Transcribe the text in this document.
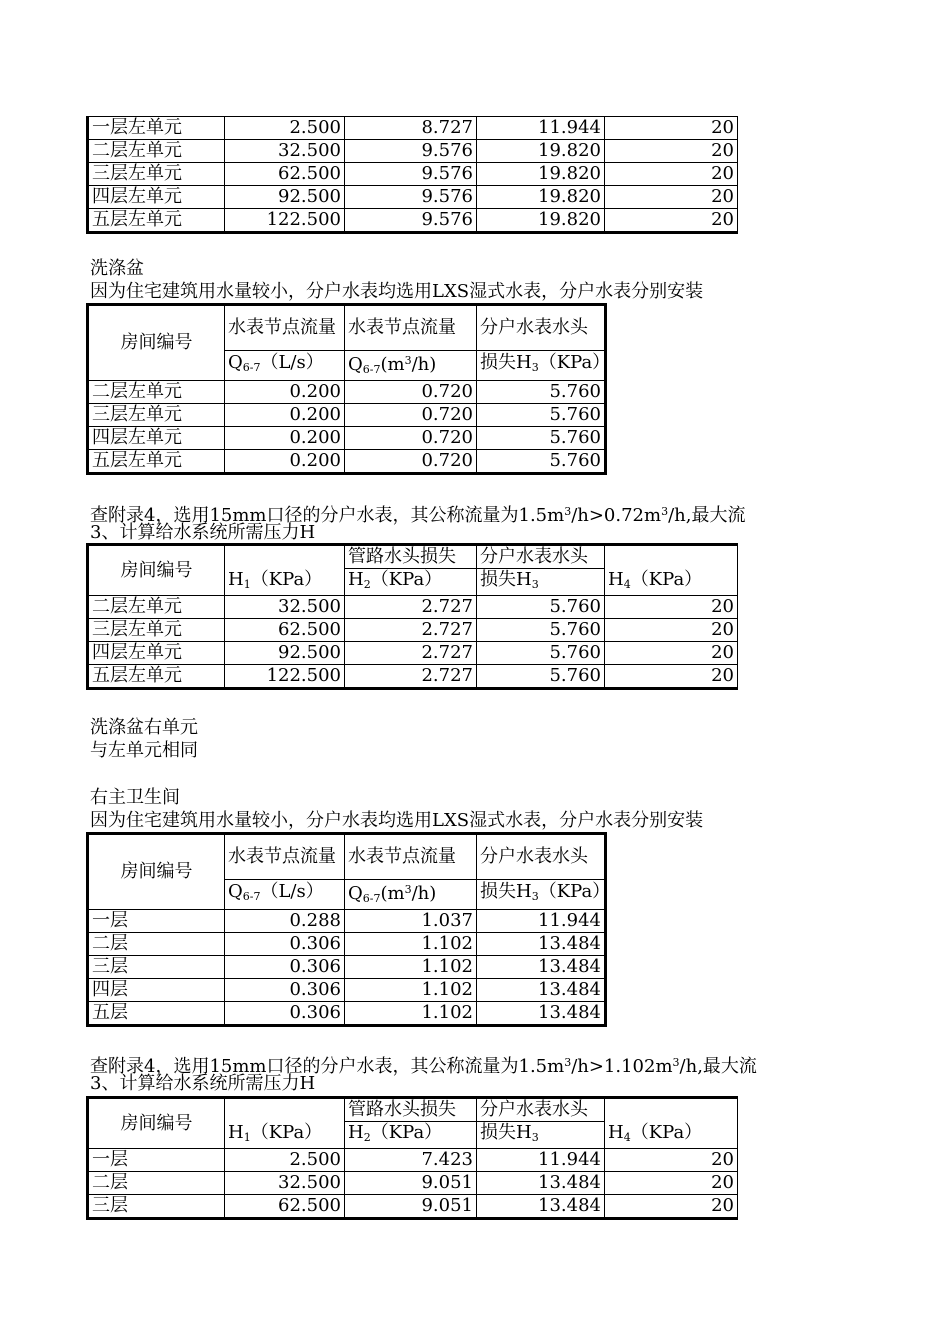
一层左单元	2.500	8.727	11.944	20
二层左单元	32.500	9.576	19.820	20
三层左单元	62.500	9.576	19.820	20
四层左单元	92.500	9.576	19.820	20
五层左单元	122.500	9.576	19.820	20
洗涤盆
因为住宅建筑用水量较小，分户水表均选用LXS湿式水表，分户水表分别安装
房间编号	水表节点流量	水表节点流量	分户水表水头
	$Q_{6-7}(L/s)$	$Q_{6-7}(m^3/h)$	损失$H_3(KPa)$
二层左单元	0.200	0.720	5.760
三层左单元	0.200	0.720	5.760
四层左单元	0.200	0.720	5.760
五层左单元	0.200	0.720	5.760
查附录4，选用15mm口径的分户水表，其公称流量为$1.5m^3/h>0.72m^3/h$,最大流
3、计算给水系统所需压力H
房间编号	$H_1(KPa)$	管路水头损失	分户水表水头	$H_4(KPa)$
		$H_2(KPa)$	损失$H_3$
二层左单元	32.500	2.727	5.760	20
三层左单元	62.500	2.727	5.760	20
四层左单元	92.500	2.727	5.760	20
五层左单元	122.500	2.727	5.760	20
洗涤盆右单元
与左单元相同
右主卫生间
因为住宅建筑用水量较小，分户水表均选用LXS湿式水表，分户水表分别安装
房间编号	水表节点流量	水表节点流量	分户水表水头
	$Q_{6-7}(L/s)$	$Q_{6-7}(m^3/h)$	损失$H_3(KPa)$
一层	0.288	1.037	11.944
二层	0.306	1.102	13.484
三层	0.306	1.102	13.484
四层	0.306	1.102	13.484
五层	0.306	1.102	13.484
查附录4，选用15mm口径的分户水表，其公称流量为$1.5m^3/h>1.102m^3/h$,最大流
3、计算给水系统所需压力H
房间编号	$H_1(KPa)$	管路水头损失	分户水表水头	$H_4(KPa)$
		$H_2(KPa)$	损失$H_3$
一层	2.500	7.423	11.944	20
二层	32.500	9.051	13.484	20
三层	62.500	9.051	13.484	20
